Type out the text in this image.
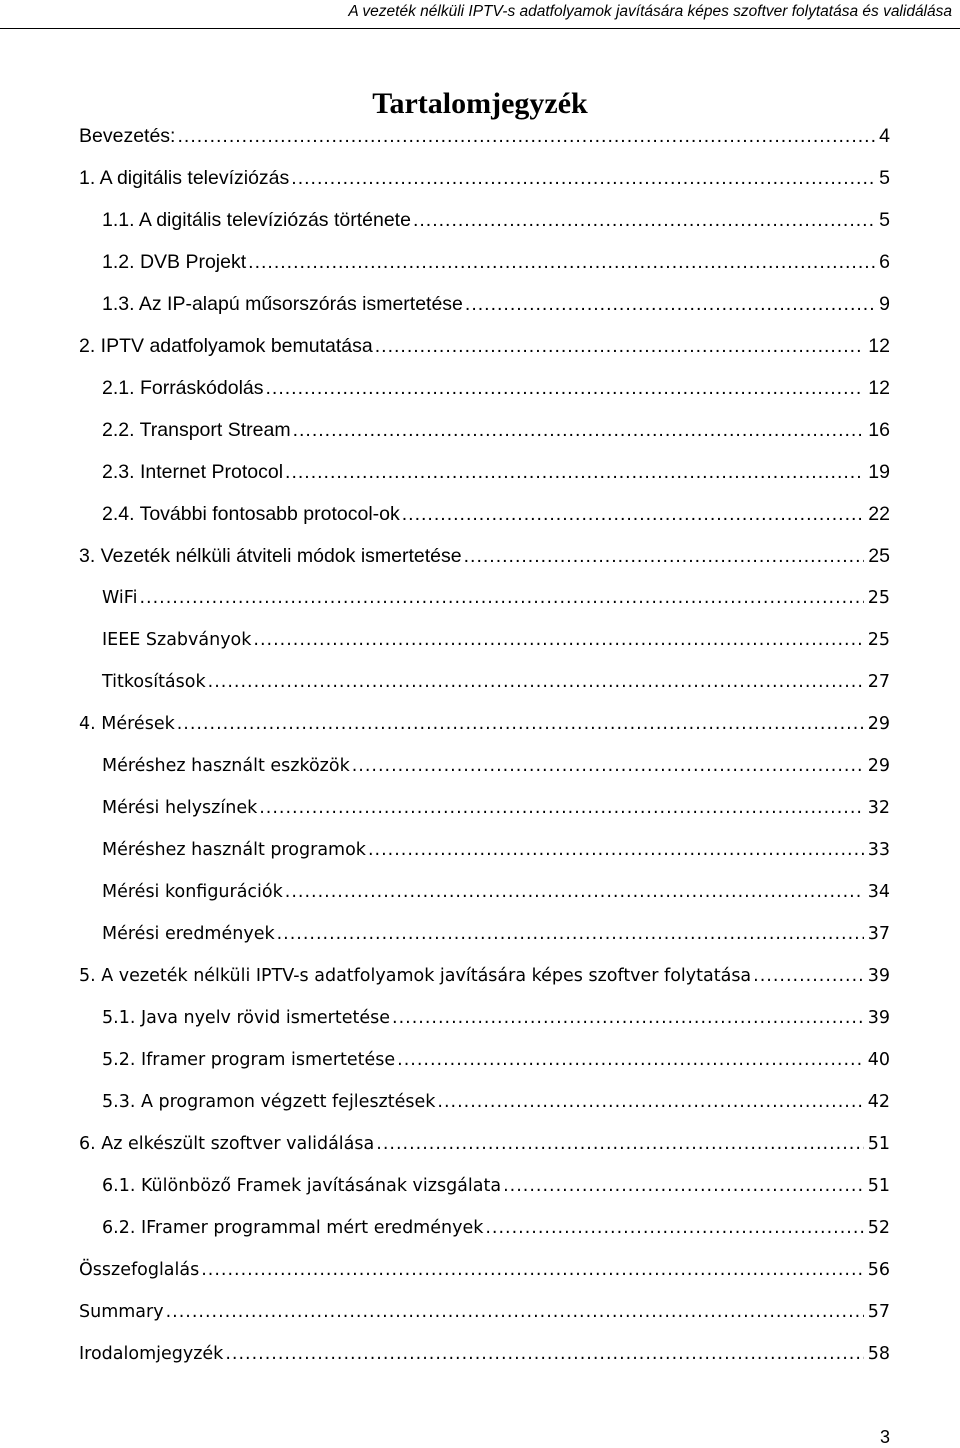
A vezeték nélküli IPTV-s adatfolyamok javítására képes szoftver folytatása és validálása
Tartalomjegyzék
Bevezetés: .....	4
1. A digitális televíziózás .....	5
1.1. A digitális televíziózás története .....	5
1.2. DVB Projekt .....	6
1.3. Az IP-alapú műsorszórás ismertetése .....	9
2. IPTV adatfolyamok bemutatása .....	12
2.1. Forráskódolás .....	12
2.2. Transport Stream .....	16
2.3. Internet Protocol .....	19
2.4. További fontosabb protocol-ok .....	22
3. Vezeték nélküli átviteli módok ismertetése .....	25
WiFi .....	25
IEEE Szabványok .....	25
Titkosítások .....	27
4. Mérések .....	29
Méréshez használt eszközök .....	29
Mérési helyszínek .....	32
Méréshez használt programok .....	33
Mérési konfigurációk .....	34
Mérési eredmények .....	37
5. A vezeték nélküli IPTV-s adatfolyamok javítására képes szoftver folytatása .....	39
5.1. Java nyelv rövid ismertetése .....	39
5.2. Iframer program ismertetése .....	40
5.3. A programon végzett fejlesztések .....	42
6. Az elkészült szoftver validálása .....	51
6.1. Különböző Framek javításának vizsgálata .....	51
6.2. IFramer programmal mért eredmények .....	52
Összefoglalás .....	56
Summary .....	57
Irodalomjegyzék .....	58
3
